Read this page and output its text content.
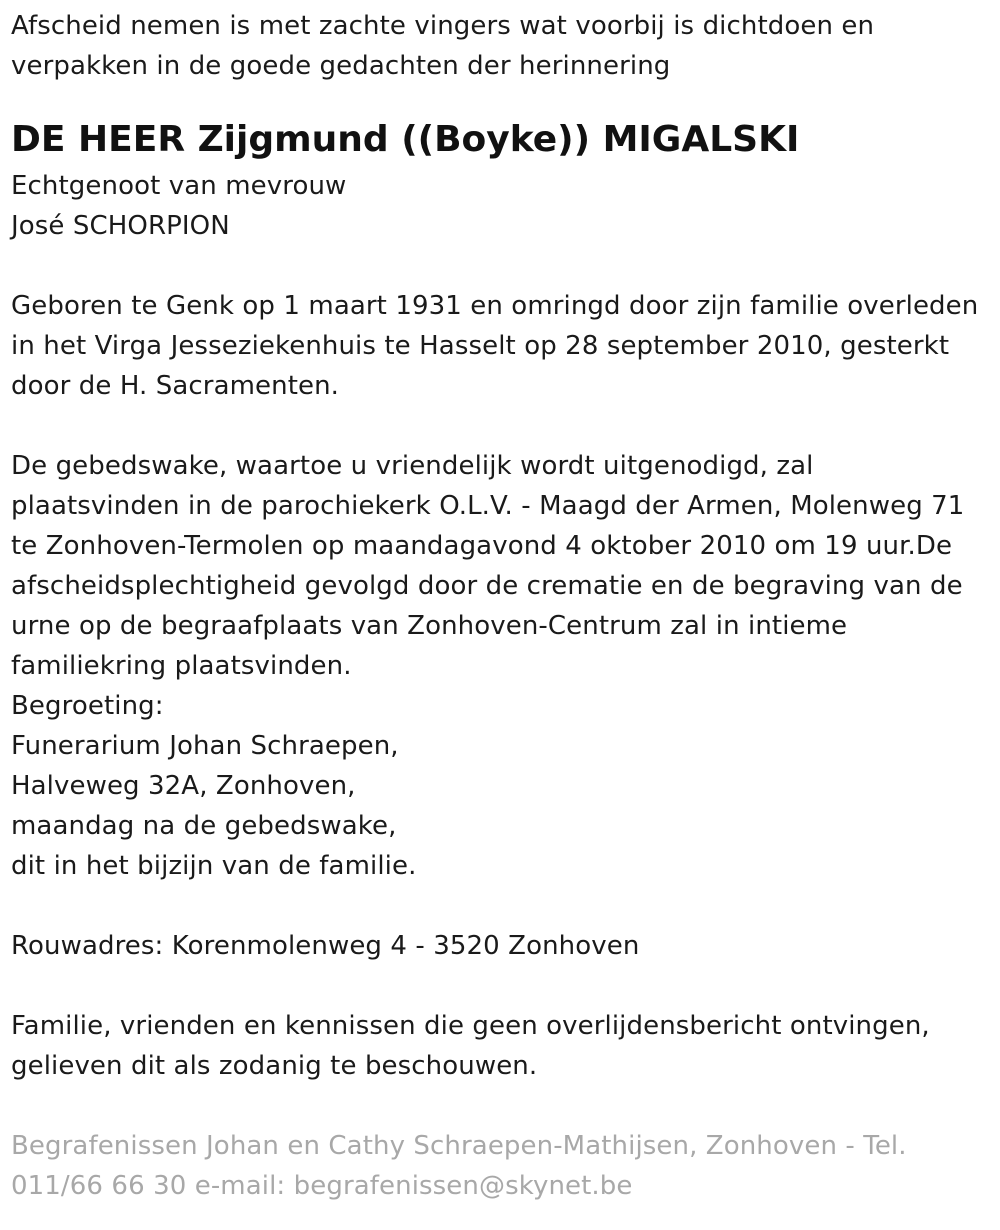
Afscheid nemen is met zachte vingers wat voorbij is dichtdoen en
verpakken in de goede gedachten der herinnering
DE HEER Zijgmund ((Boyke)) MIGALSKI
Echtgenoot van mevrouw
José SCHORPION
Geboren te Genk op 1 maart 1931 en omringd door zijn familie overleden
in het Virga Jesseziekenhuis te Hasselt op 28 september 2010, gesterkt
door de H. Sacramenten.
De gebedswake, waartoe u vriendelijk wordt uitgenodigd, zal
plaatsvinden in de parochiekerk O.L.V. - Maagd der Armen, Molenweg 71
te Zonhoven-Termolen op maandagavond 4 oktober 2010 om 19 uur.De
afscheidsplechtigheid gevolgd door de crematie en de begraving van de
urne op de begraafplaats van Zonhoven-Centrum zal in intieme
familiekring plaatsvinden.
Begroeting:
Funerarium Johan Schraepen,
Halveweg 32A, Zonhoven,
maandag na de gebedswake,
dit in het bijzijn van de familie.
Rouwadres: Korenmolenweg 4 - 3520 Zonhoven
Familie, vrienden en kennissen die geen overlijdensbericht ontvingen,
gelieven dit als zodanig te beschouwen.
Begrafenissen Johan en Cathy Schraepen-Mathijsen, Zonhoven - Tel.
011/66 66 30 e-mail: begrafenissen@skynet.be
